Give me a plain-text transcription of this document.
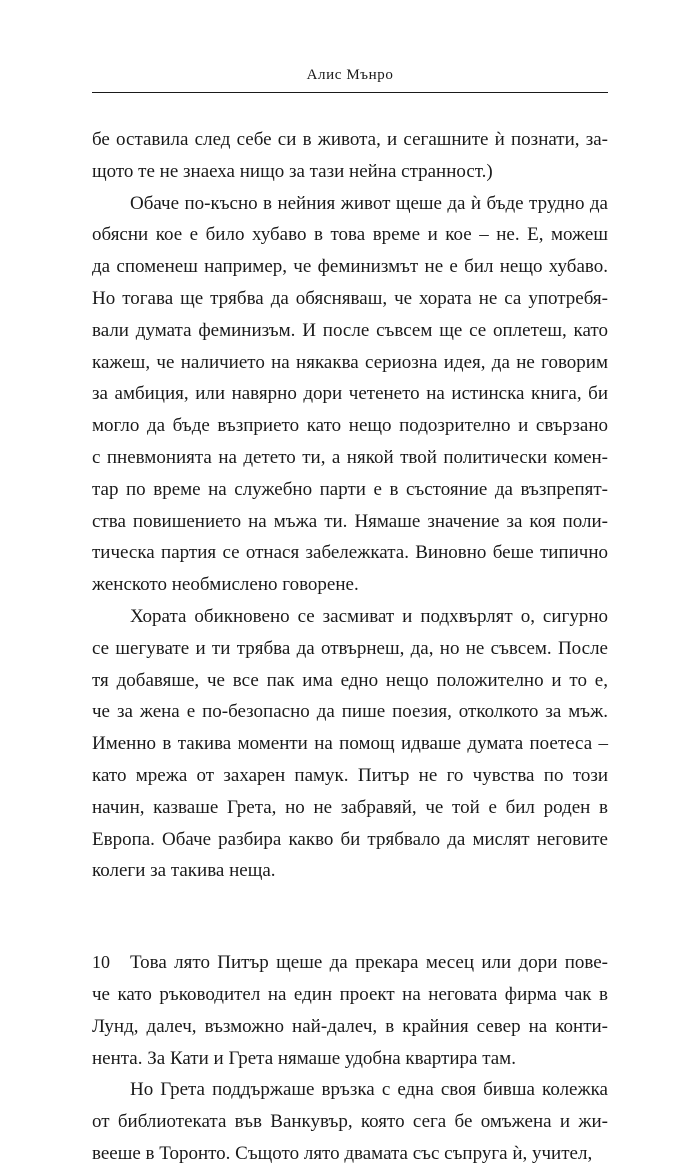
Алис Мънро

бе оставила след себе си в живота, и сегашните ѝ познати, за-

щото те не знаеха нищо за тази нейна странност.)

Обаче по-късно в нейния живот щеше да ѝ бъде трудно да

обясни кое е било хубаво в това време и кое – не. Е, можеш

да споменеш например, че феминизмът не е бил нещо хубаво.

Но тогава ще трябва да обясняваш, че хората не са употребя-

вали думата феминизъм. И после съвсем ще се оплетеш, като

кажеш, че наличието на някаква сериозна идея, да не говорим

за амбиция, или навярно дори четенето на истинска книга, би

могло да бъде възприето като нещо подозрително и свързано

с пневмонията на детето ти, а някой твой политически комен-

тар по време на служебно парти е в състояние да възпрепят-

ства повишението на мъжа ти. Нямаше значение за коя поли-

тическа партия се отнася забележката. Виновно беше типично

женското необмислено говорене.

Хората обикновено се засмиват и подхвърлят о, сигурно

се шегувате и ти трябва да отвърнеш, да, но не съвсем. После

тя добавяше, че все пак има едно нещо положително и то е,

че за жена е по-безопасно да пише поезия, отколкото за мъж.

Именно в такива моменти на помощ идваше думата поетеса –

като мрежа от захарен памук. Питър не го чувства по този

начин, казваше Грета, но не забравяй, че той е бил роден в

Европа. Обаче разбира какво би трябвало да мислят неговите

колеги за такива неща.

Това лято Питър щеше да прекара месец или дори пове-

че като ръководител на един проект на неговата фирма чак в

Лунд, далеч, възможно най-далеч, в крайния север на конти-

нента. За Кати и Грета нямаше удобна квартира там.

Но Грета поддържаше връзка с една своя бивша колежка

от библиотеката във Ванкувър, която сега бе омъжена и жи-

вееше в Торонто. Същото лято двамата със съпруга ѝ, учител,

10
